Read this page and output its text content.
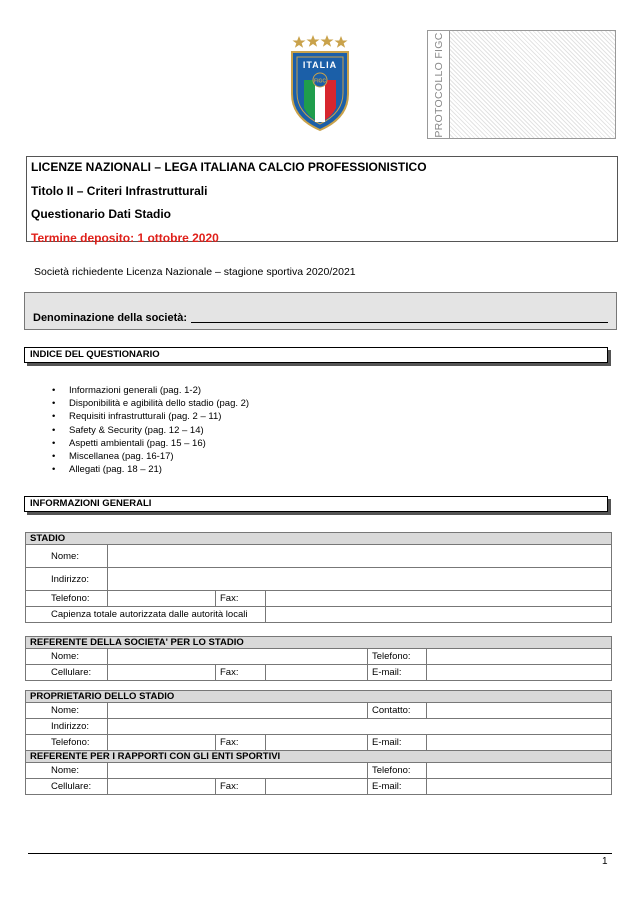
ITALIA
FIGC	PROTOCOLLO FIGC
LICENZE NAZIONALI – LEGA ITALIANA CALCIO PROFESSIONISTICO
Titolo II – Criteri Infrastrutturali
Questionario Dati Stadio
Termine deposito: 1 ottobre 2020
Società richiedente Licenza Nazionale – stagione sportiva 2020/2021
Denominazione della società:
INDICE DEL QUESTIONARIO
• Informazioni generali (pag. 1-2)
• Disponibilità e agibilità dello stadio (pag. 2)
• Requisiti infrastrutturali (pag. 2 – 11)
• Safety & Security (pag. 12 – 14)
• Aspetti ambientali (pag. 15 – 16)
• Miscellanea (pag. 16-17)
• Allegati (pag. 18 – 21)
INFORMAZIONI GENERALI
STADIO			
Nome:			
Indirizzo:			
Telefono:		Fax:	
Capienza totale autorizzata dalle autorità locali			
REFERENTE DELLA SOCIETA' PER LO STADIO					
Nome:				Telefono:	
Cellulare:		Fax:		E-mail:	
PROPRIETARIO DELLO STADIO					
Nome:				Contatto:	
Indirizzo:					
Telefono:		Fax:		E-mail:	
REFERENTE PER I RAPPORTI CON GLI ENTI SPORTIVI					
Nome:				Telefono:	
Cellulare:		Fax:		E-mail:	
1
